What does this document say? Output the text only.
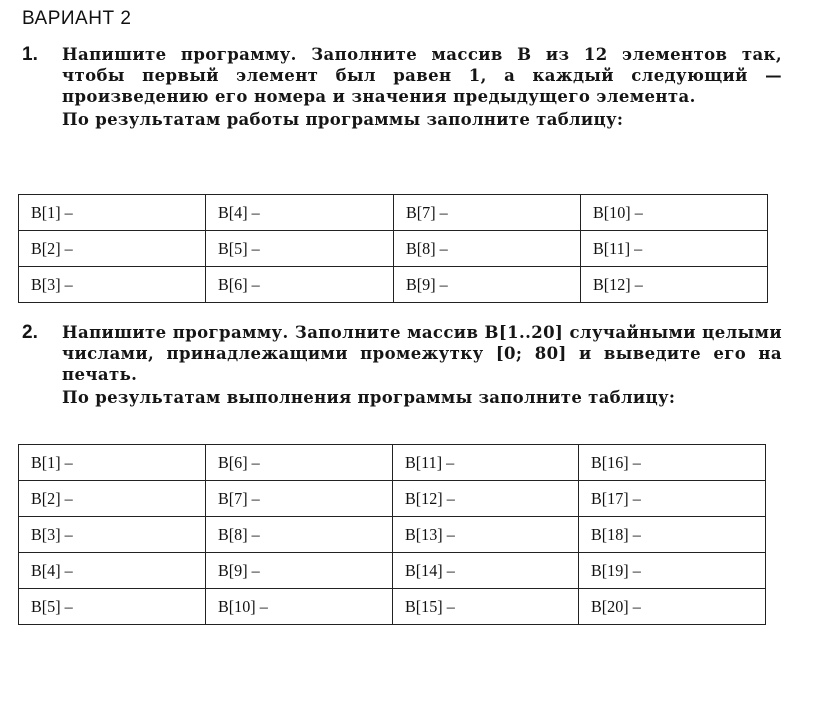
ВАРИАНТ 2
1. Напишите программу. Заполните массив B из 12 элементов так, чтобы первый элемент был равен 1, а каждый следующий — произведению его номера и значения предыдущего элемента.
По результатам работы программы заполните таблицу:
B[1] –	B[4] –	B[7] –	B[10] –
B[2] –	B[5] –	B[8] –	B[11] –
B[3] –	B[6] –	B[9] –	B[12] –
2. Напишите программу. Заполните массив B[1..20] случайными целыми числами, принадлежащими промежутку [0; 80] и выведите его на печать.
По результатам выполнения программы заполните таблицу:
B[1] –	B[6] –	B[11] –	B[16] –
B[2] –	B[7] –	B[12] –	B[17] –
B[3] –	B[8] –	B[13] –	B[18] –
B[4] –	B[9] –	B[14] –	B[19] –
B[5] –	B[10] –	B[15] –	B[20] –
